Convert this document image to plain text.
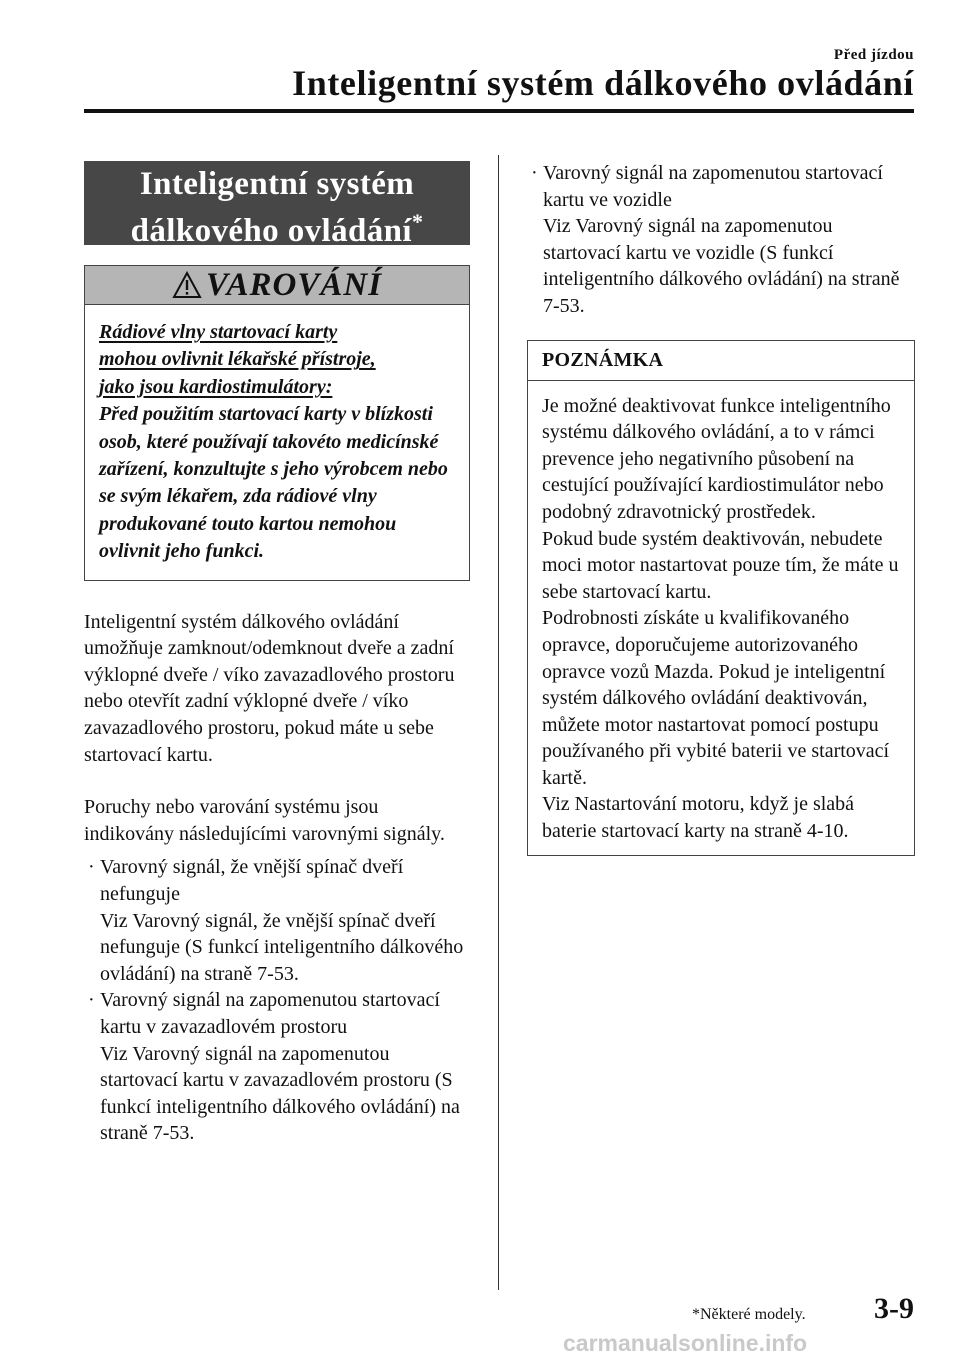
Před jízdou
Inteligentní systém dálkového ovládání
Inteligentní systém
dálkového ovládání*
VAROVÁNÍ
Rádiové vlny startovací karty
mohou ovlivnit lékařské přístroje,
jako jsou kardiostimulátory:
Před použitím startovací karty v blízkosti osob, které používají takovéto medicínské zařízení, konzultujte s jeho výrobcem nebo se svým lékařem, zda rádiové vlny produkované touto kartou nemohou ovlivnit jeho funkci.

Inteligentní systém dálkového ovládání umožňuje zamknout/odemknout dveře a zadní výklopné dveře / víko zavazadlového prostoru nebo otevřít zadní výklopné dveře / víko zavazadlového prostoru, pokud máte u sebe startovací kartu.

Poruchy nebo varování systému jsou indikovány následujícími varovnými signály.

· Varovný signál, že vnější spínač dveří nefunguje
Viz Varovný signál, že vnější spínač dveří nefunguje (S funkcí inteligentního dálkového ovládání) na straně 7-53.
· Varovný signál na zapomenutou startovací kartu v zavazadlovém prostoru
Viz Varovný signál na zapomenutou startovací kartu v zavazadlovém prostoru (S funkcí inteligentního dálkového ovládání) na straně 7-53.
· Varovný signál na zapomenutou startovací kartu ve vozidle
Viz Varovný signál na zapomenutou startovací kartu ve vozidle (S funkcí inteligentního dálkového ovládání) na straně 7-53.
POZNÁMKA
Je možné deaktivovat funkce inteligentního systému dálkového ovládání, a to v rámci prevence jeho negativního působení na cestující používající kardiostimulátor nebo podobný zdravotnický prostředek.
Pokud bude systém deaktivován, nebudete moci motor nastartovat pouze tím, že máte u sebe startovací kartu.
Podrobnosti získáte u kvalifikovaného opravce, doporučujeme autorizovaného opravce vozů Mazda. Pokud je inteligentní systém dálkového ovládání deaktivován, můžete motor nastartovat pomocí postupu používaného při vybité baterii ve startovací kartě.
Viz Nastartování motoru, když je slabá baterie startovací karty na straně 4-10.
*Některé modely. 3-9
carmanualsonline.info
